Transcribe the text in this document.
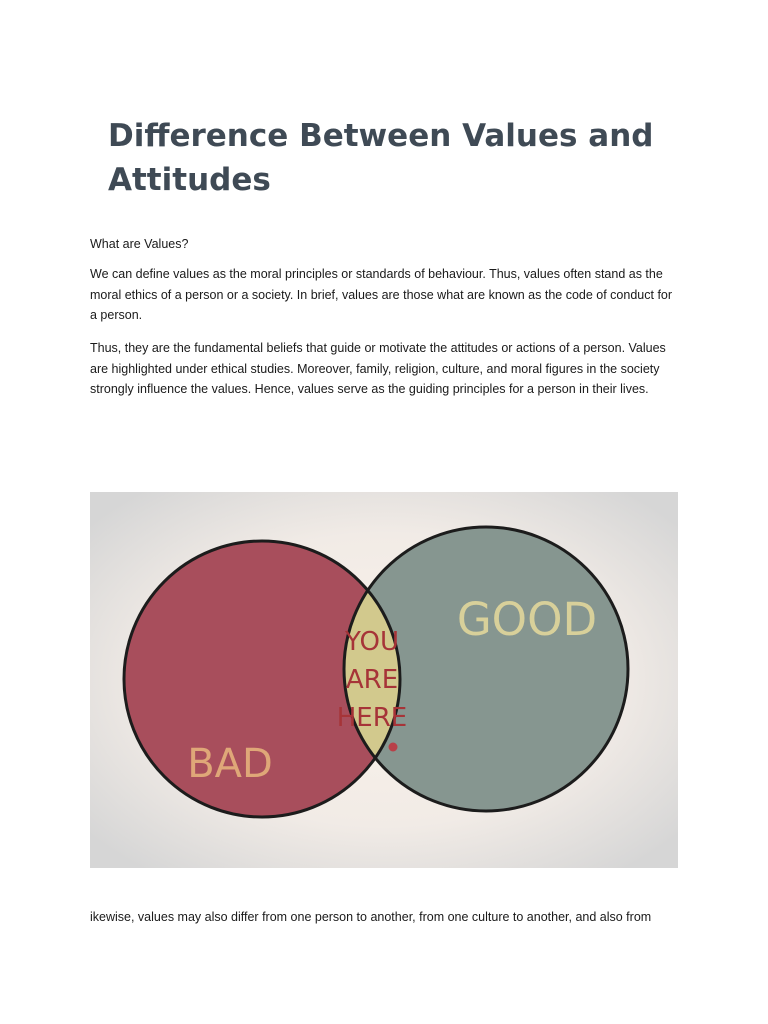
Difference Between Values and Attitudes

What are Values?

We can define values as the moral principles or standards of behaviour. Thus, values often stand as the moral ethics of a person or a society. In brief, values are those what are known as the code of conduct for a person.

Thus, they are the fundamental beliefs that guide or motivate the attitudes or actions of a person. Values are highlighted under ethical studies. Moreover, family, religion, culture, and moral figures in the society strongly influence the values. Hence, values serve as the guiding principles for a person in their lives.

GOOD
BAD
YOU
ARE
HERE

ikewise, values may also differ from one person to another, from one culture to another, and also from
